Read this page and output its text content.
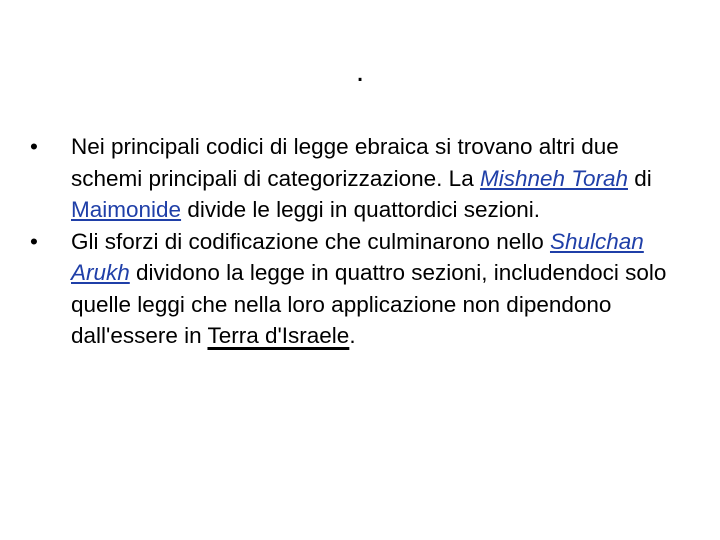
.
•	Nei principali codici di legge ebraica si trovano altri due schemi principali di categorizzazione. La Mishneh Torah di Maimonide divide le leggi in quattordici sezioni.
•	Gli sforzi di codificazione che culminarono nello Shulchan Arukh dividono la legge in quattro sezioni, includendoci solo quelle leggi che nella loro applicazione non dipendono dall'essere in Terra d'Israele.
